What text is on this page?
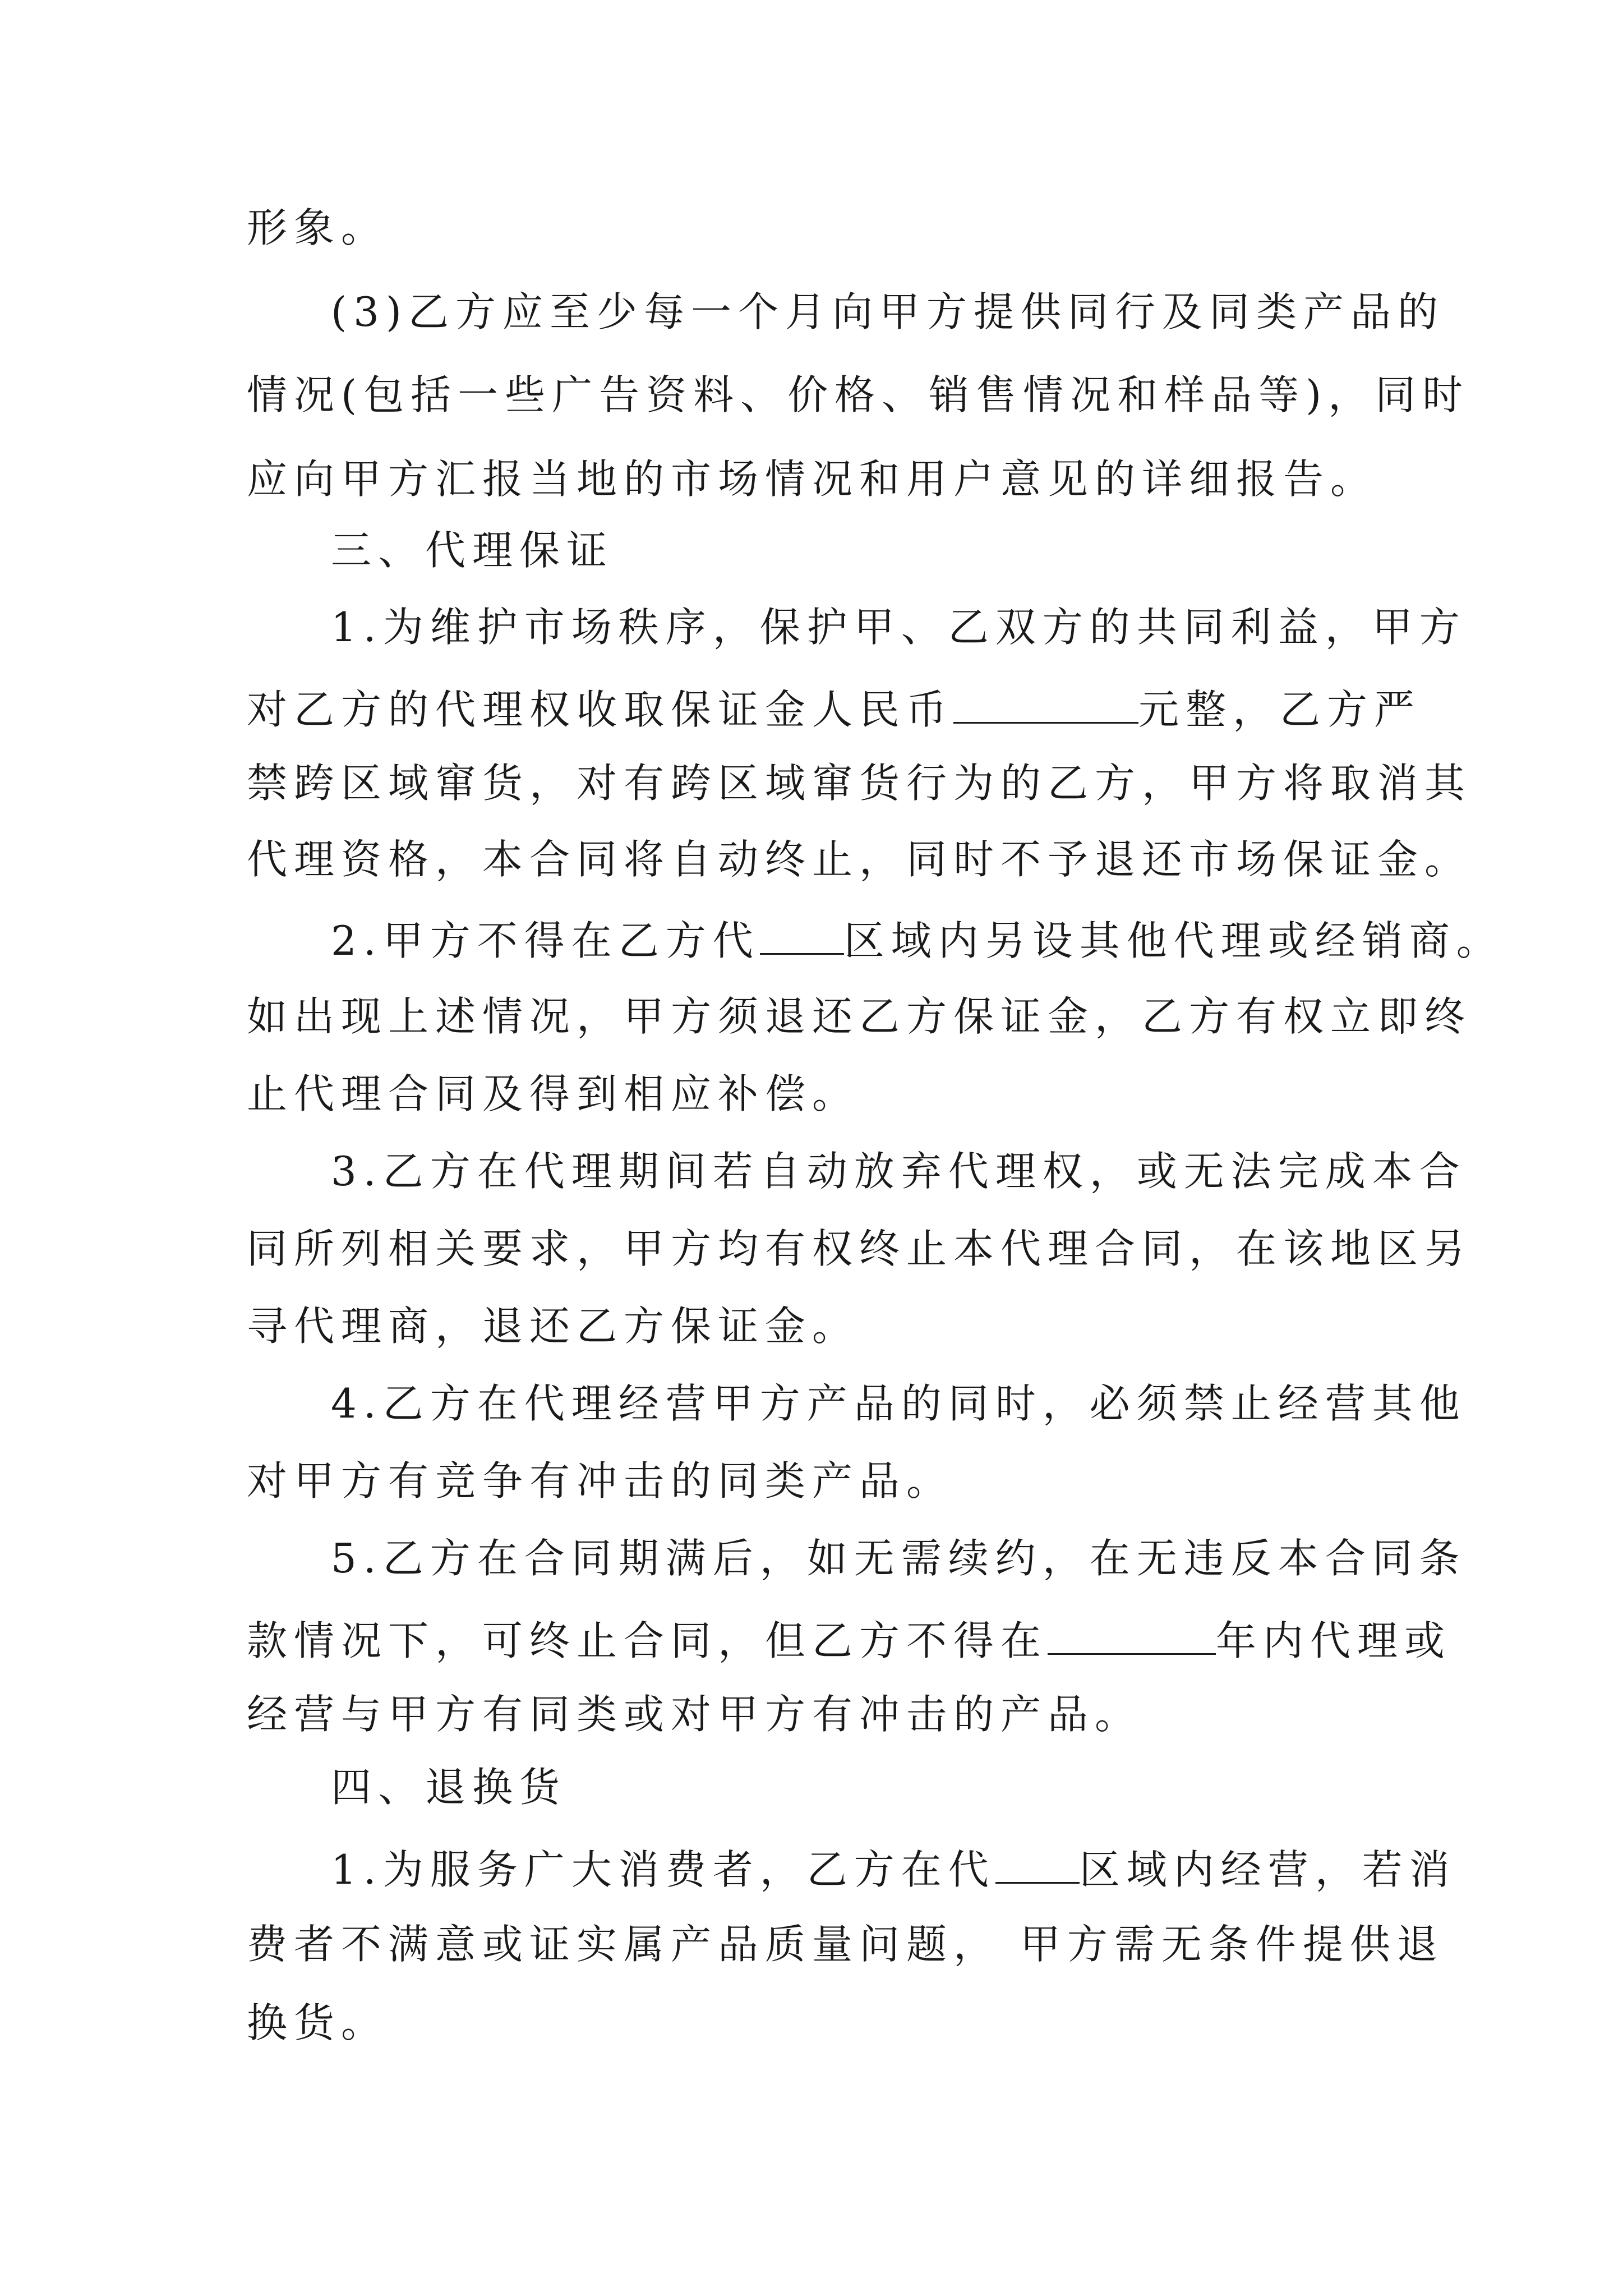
形象。
(3)乙方应至少每一个月向甲方提供同行及同类产品的
情况(包括一些广告资料、价格、销售情况和样品等)，同时
应向甲方汇报当地的市场情况和用户意见的详细报告。
三、代理保证
1.为维护市场秩序，保护甲、乙双方的共同利益，甲方
对乙方的代理权收取保证金人民币	元整，乙方严
禁跨区域窜货，对有跨区域窜货行为的乙方，甲方将取消其
代理资格，本合同将自动终止，同时不予退还市场保证金。
2.甲方不得在乙方代 区域内另设其他代理或经销商。
如出现上述情况，甲方须退还乙方保证金，乙方有权立即终
止代理合同及得到相应补偿。
3.乙方在代理期间若自动放弃代理权，或无法完成本合
同所列相关要求，甲方均有权终止本代理合同，在该地区另
寻代理商，退还乙方保证金。
4.乙方在代理经营甲方产品的同时，必须禁止经营其他
对甲方有竞争有冲击的同类产品。
5.乙方在合同期满后，如无需续约，在无违反本合同条
款情况下，可终止合同，但乙方不得在	年内代理或
经营与甲方有同类或对甲方有冲击的产品。
四、退换货
1.为服务广大消费者，乙方在代 区域内经营，若消
费者不满意或证实属产品质量问题， 甲方需无条件提供退
换货。
